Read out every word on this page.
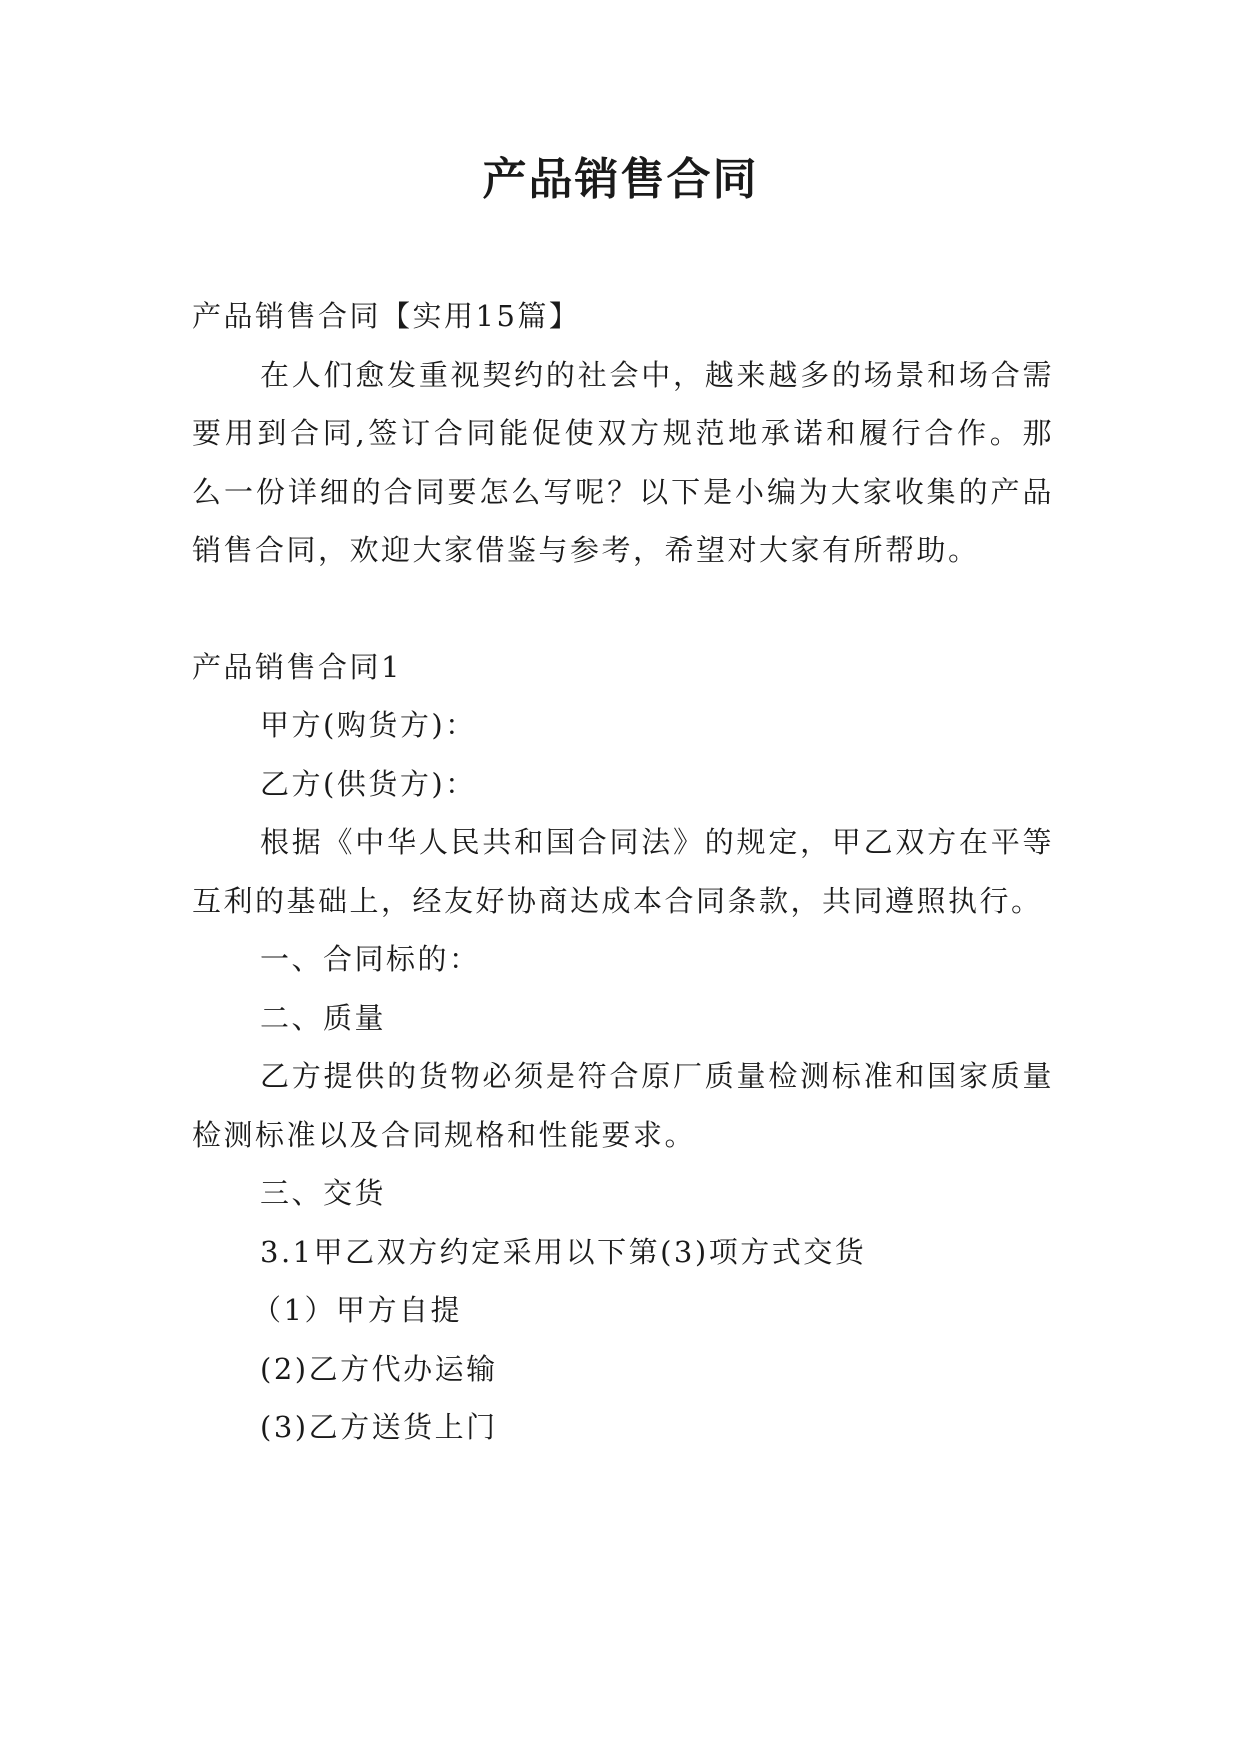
产品销售合同
产品销售合同【实用15篇】
在人们愈发重视契约的社会中，越来越多的场景和场合需要用到合同,签订合同能促使双方规范地承诺和履行合作。那么一份详细的合同要怎么写呢？以下是小编为大家收集的产品销售合同，欢迎大家借鉴与参考，希望对大家有所帮助。
产品销售合同1
甲方(购货方)：
乙方(供货方)：
根据《中华人民共和国合同法》的规定，甲乙双方在平等互利的基础上，经友好协商达成本合同条款，共同遵照执行。
一、合同标的：
二、质量
乙方提供的货物必须是符合原厂质量检测标准和国家质量检测标准以及合同规格和性能要求。
三、交货
3.1甲乙双方约定采用以下第(3)项方式交货
（1）甲方自提
(2)乙方代办运输
(3)乙方送货上门
